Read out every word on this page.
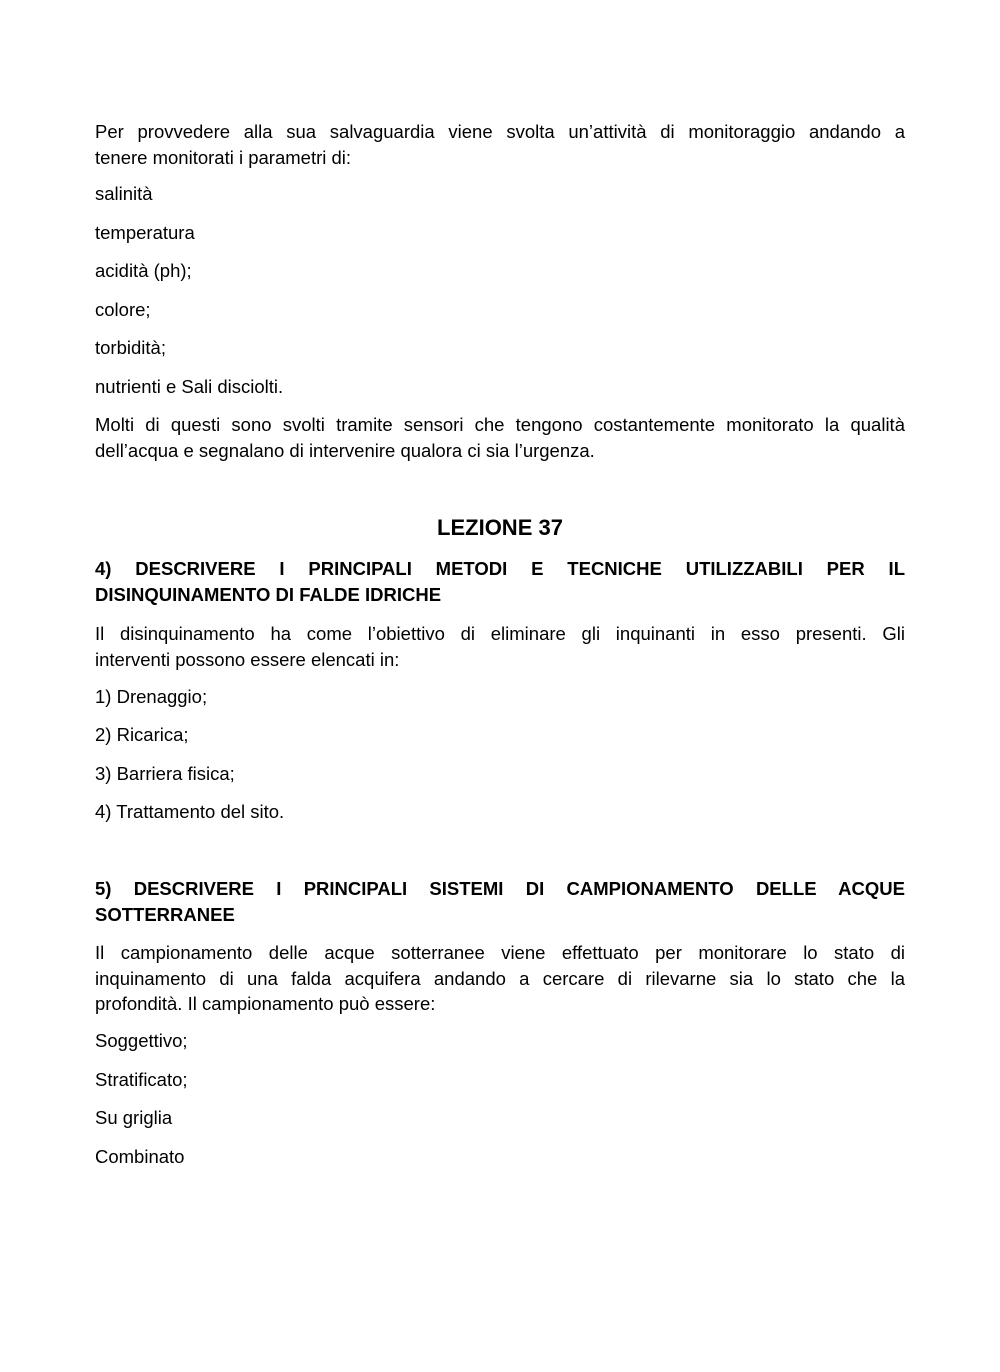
Per provvedere alla sua salvaguardia viene svolta un’attività di monitoraggio andando a

tenere monitorati i parametri di:

salinità

temperatura

acidità (ph);

colore;

torbidità;

nutrienti e Sali disciolti.

Molti di questi sono svolti tramite sensori che tengono costantemente monitorato la qualità

dell’acqua e segnalano di intervenire qualora ci sia l’urgenza.

LEZIONE 37

4) DESCRIVERE I PRINCIPALI METODI E TECNICHE UTILIZZABILI PER IL

DISINQUINAMENTO DI FALDE IDRICHE

Il disinquinamento ha come l’obiettivo di eliminare gli inquinanti in esso presenti. Gli

interventi possono essere elencati in:

1) Drenaggio;

2) Ricarica;

3) Barriera fisica;

4) Trattamento del sito.

5) DESCRIVERE I PRINCIPALI SISTEMI DI CAMPIONAMENTO DELLE ACQUE

SOTTERRANEE

Il campionamento delle acque sotterranee viene effettuato per monitorare lo stato di

inquinamento di una falda acquifera andando a cercare di rilevarne sia lo stato che la

profondità. Il campionamento può essere:

Soggettivo;

Stratificato;

Su griglia

Combinato
